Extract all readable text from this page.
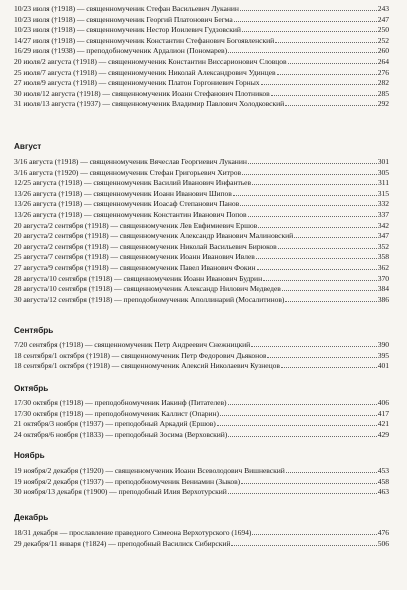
10/23 июля (†1918) — священномученик Стефан Васильевич Луканин	243
10/23 июля (†1918) — священномученик Георгий Платонович Бегма	247
10/23 июля (†1918) — священномученик Нестор Иоилевич Гудзовский	250
14/27 июля (†1918) — священномученик Константин Стефанович Богоявленский	252
16/29 июля (†1938) — преподобномученик Ардалион (Пономарев)	260
20 июля/2 августа (†1918) — священномученик Константин Виссарионович Словцов	264
25 июля/7 августа (†1918) — священномученик Николай Александрович Удинцев	276
27 июля/9 августа (†1918) — священномученик Платон Горгониевич Горных	282
30 июля/12 августа (†1918) — священномученик Иоанн Стефанович Плотников	285
31 июля/13 августа (†1937) — священномученик Владимир Павлович Холодковский	292
Август
3/16 августа (†1918) — священномученик Вячеслав Георгиевич Луканин	301
3/16 августа (†1920) — священномученик Стефан Григорьевич Хитров	305
12/25 августа (†1918) — священномученик Василий Иванович Инфантьев	311
13/26 августа (†1918) — священномученик Иоанн Иванович Шипов	315
13/26 августа (†1918) — священномученик Иоасаф Степанович Панов	332
13/26 августа (†1918) — священномученик Константин Иванович Попов	337
20 августа/2 сентября (†1918) — священномученик Лев Евфимиевич Ершов	342
20 августа/2 сентября (†1918) — священномученик Александр Иванович Малиновский	347
20 августа/2 сентября (†1918) — священномученик Николай Васильевич Бирюков	352
25 августа/7 сентября (†1918) — священномученик Иоанн Иванович Ивлев	358
27 августа/9 сентября (†1918) — священномученик Павел Иванович Фокин	362
28 августа/10 сентября (†1918) — священномученик Иоанн Иванович Будрин	370
28 августа/10 сентября (†1918) — священномученик Александр Нилович Медведев	384
30 августа/12 сентября (†1918) — преподобномученик Аполлинарий (Мосалитинов)	386
Сентябрь
7/20 сентября (†1918) — священномученик Петр Андреевич Снежницкий	390
18 сентября/1 октября (†1918) — священномученик Петр Федорович Дьяконов	395
18 сентября/1 октября (†1918) — священномученик Алексий Николаевич Кузнецов	401
Октябрь
17/30 октября (†1918) — преподобномученик Иакинф (Питателев)	406
17/30 октября (†1918) — преподобномученик Каллист (Опарин)	417
21 октября/3 ноября (†1937) — преподобный Аркадий (Ершов)	421
24 октября/6 ноября (†1833) — преподобный Зосима (Верховский)	429
Ноябрь
19 ноября/2 декабря (†1920) — священномученик Иоанн Всеволодович Вишневский	453
19 ноября/2 декабря (†1937) — преподобномученик Вениамин (Зыков)	458
30 ноября/13 декабря (†1900) — преподобный Илия Верхотурский	463
Декабрь
18/31 декабря — прославление праведного Симеона Верхотурского (1694)	476
29 декабря/11 января (†1824) — преподобный Василиск Сибирский	506
